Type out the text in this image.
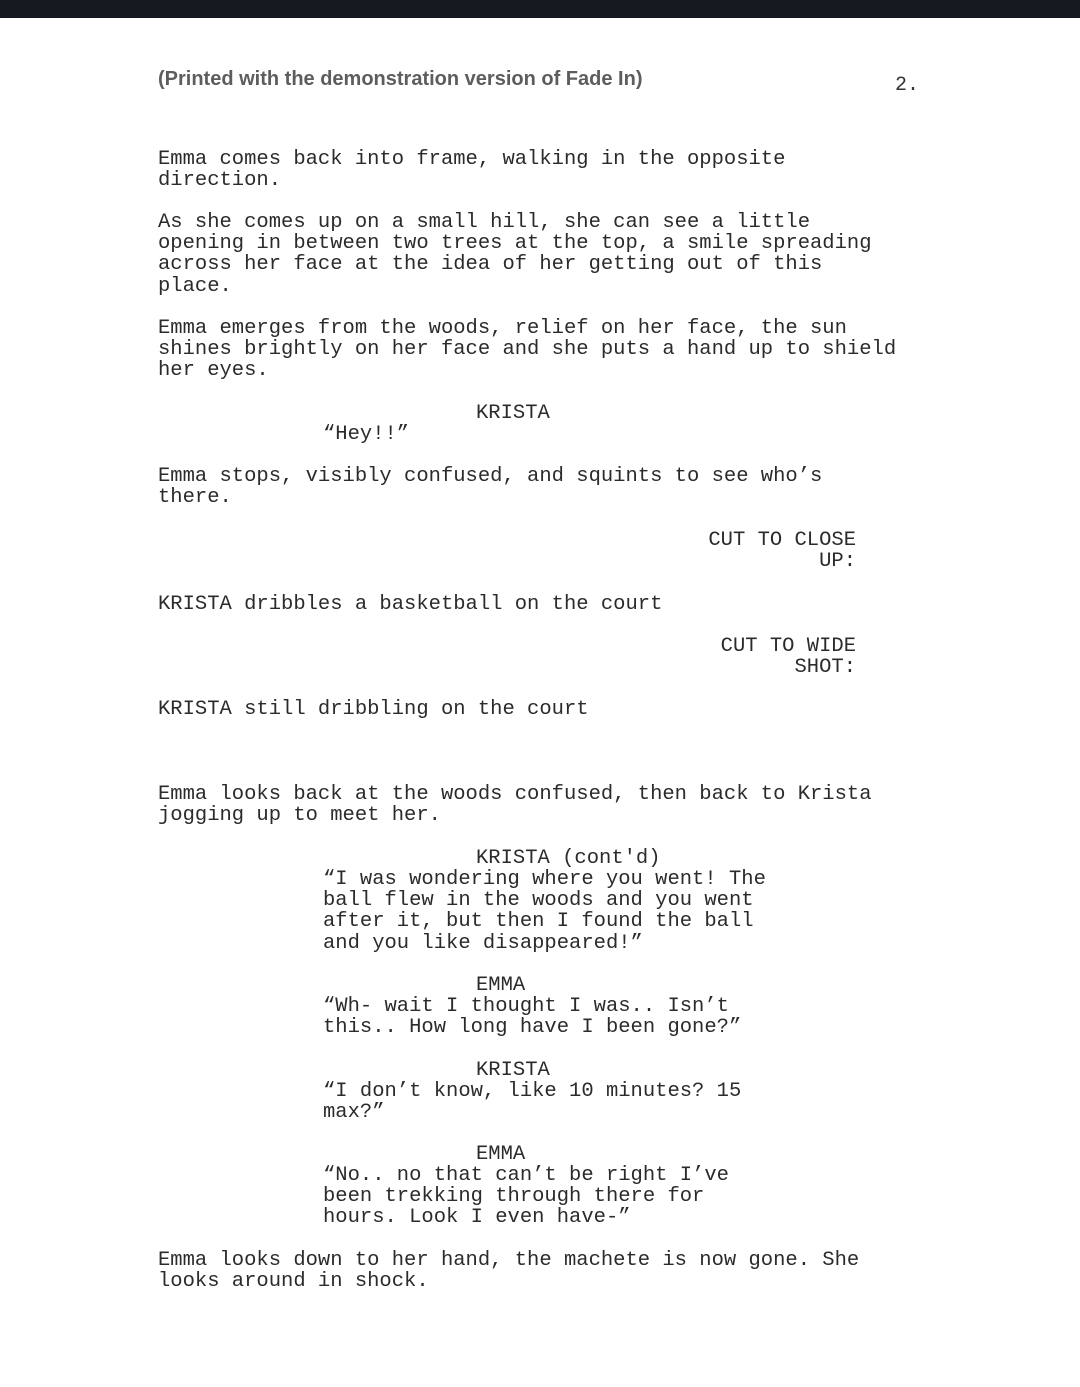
(Printed with the demonstration version of Fade In)	2.
Emma comes back into frame, walking in the opposite
direction.
As she comes up on a small hill, she can see a little
opening in between two trees at the top, a smile spreading
across her face at the idea of her getting out of this
place.
Emma emerges from the woods, relief on her face, the sun
shines brightly on her face and she puts a hand up to shield
her eyes.
KRISTA
“Hey!!”
Emma stops, visibly confused, and squints to see who’s
there.
CUT TO CLOSE
UP:
KRISTA dribbles a basketball on the court
CUT TO WIDE
SHOT:
KRISTA still dribbling on the court
Emma looks back at the woods confused, then back to Krista
jogging up to meet her.
KRISTA (cont'd)
“I was wondering where you went! The
ball flew in the woods and you went
after it, but then I found the ball
and you like disappeared!”
EMMA
“Wh- wait I thought I was.. Isn’t
this.. How long have I been gone?”
KRISTA
“I don’t know, like 10 minutes? 15
max?”
EMMA
“No.. no that can’t be right I’ve
been trekking through there for
hours. Look I even have-”
Emma looks down to her hand, the machete is now gone. She
looks around in shock.
